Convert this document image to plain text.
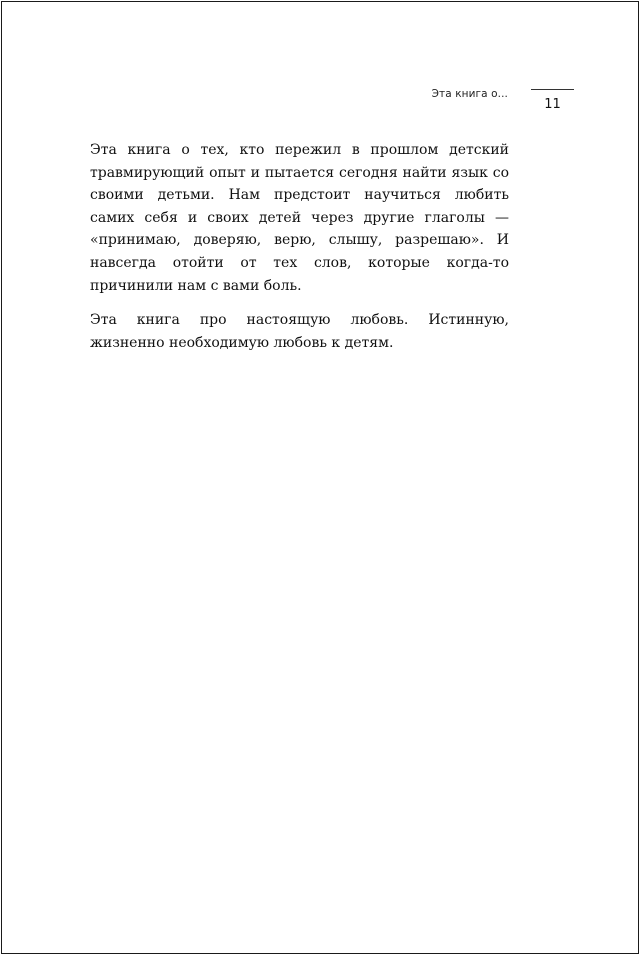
Эта книга о...
11

Эта книга о тех, кто пережил в прошлом детский травмирующий опыт и пытается сегодня найти язык со своими детьми. Нам предстоит научиться любить самих себя и своих детей через другие глаголы — «принимаю, доверяю, верю, слышу, разрешаю». И навсегда отойти от тех слов, которые когда-то причинили нам с вами боль.

Эта книга про настоящую любовь. Истинную, жизненно необходимую любовь к детям.
